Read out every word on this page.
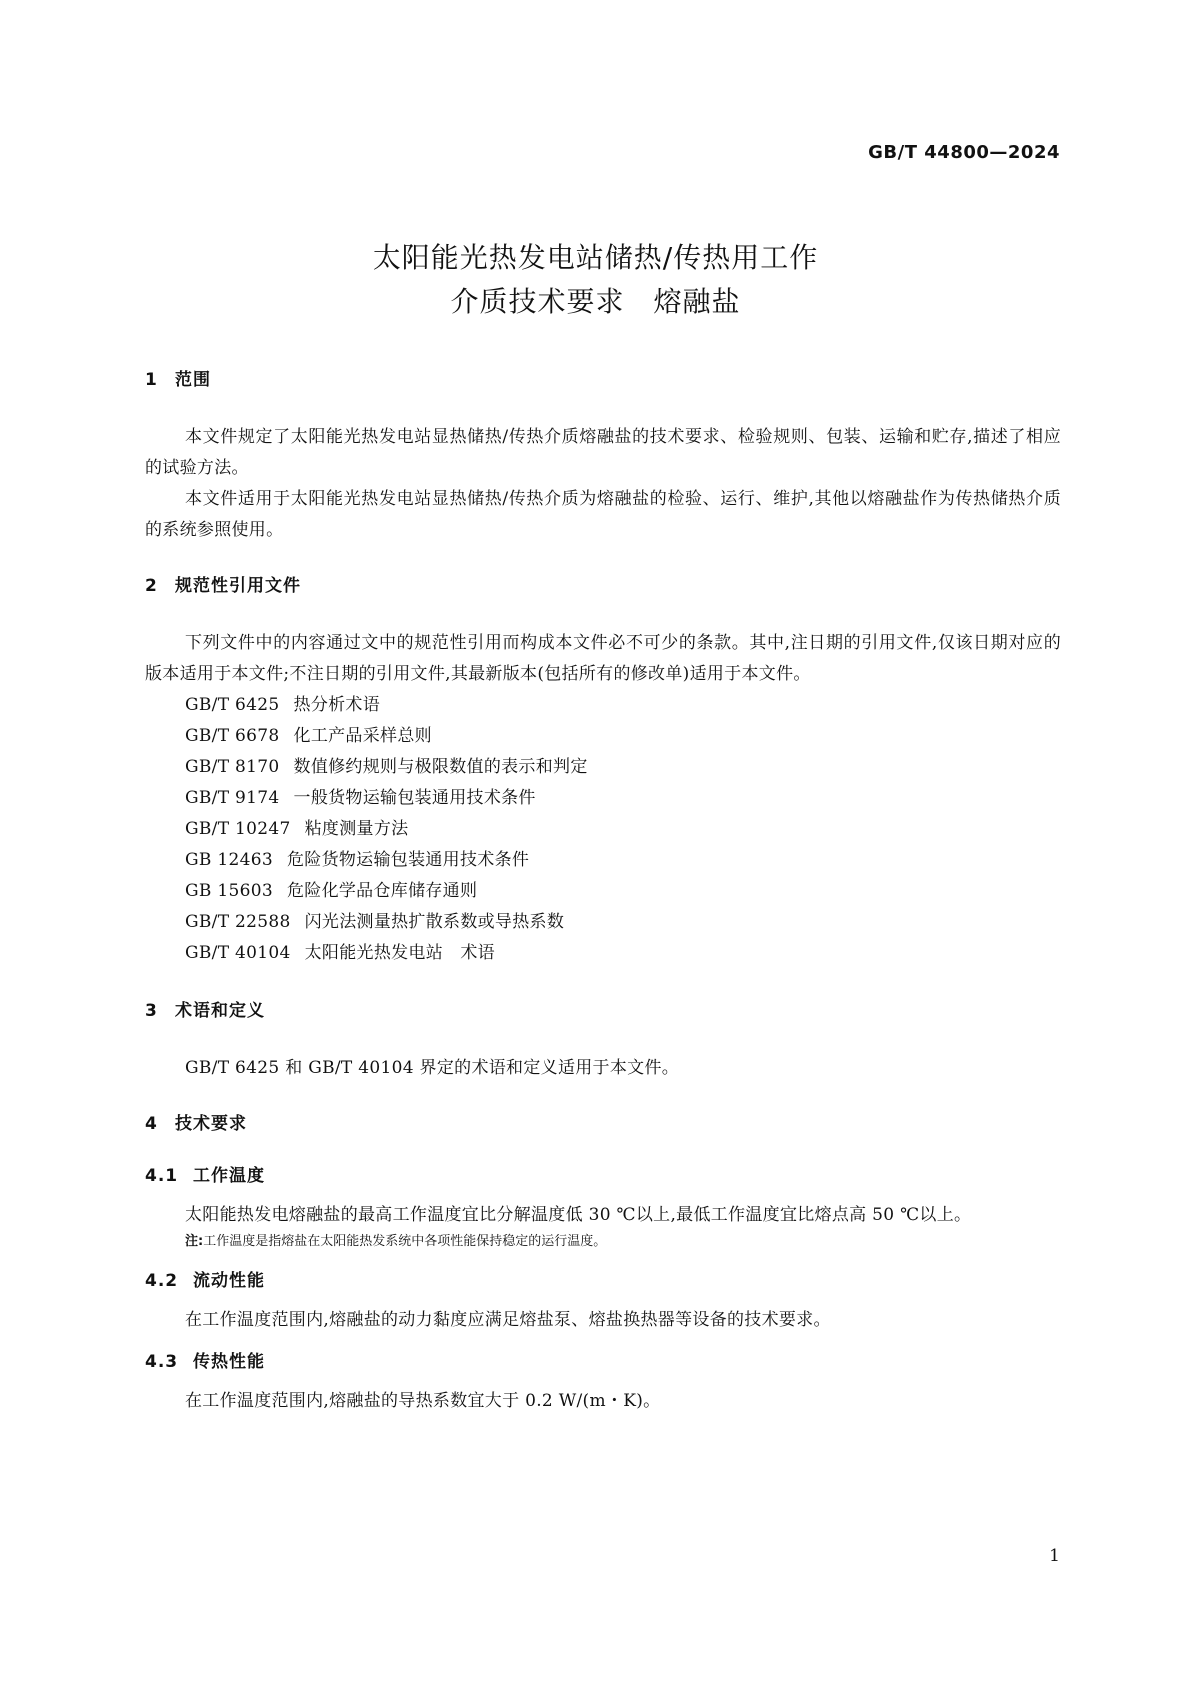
GB/T 44800—2024
太阳能光热发电站储热/传热用工作
介质技术要求　熔融盐
1 范围
本文件规定了太阳能光热发电站显热储热/传热介质熔融盐的技术要求、检验规则、包装、运输和贮存,描述了相应的试验方法。
本文件适用于太阳能光热发电站显热储热/传热介质为熔融盐的检验、运行、维护,其他以熔融盐作为传热储热介质的系统参照使用。
2 规范性引用文件
下列文件中的内容通过文中的规范性引用而构成本文件必不可少的条款。其中,注日期的引用文件,仅该日期对应的版本适用于本文件;不注日期的引用文件,其最新版本(包括所有的修改单)适用于本文件。
GB/T 6425 热分析术语
GB/T 6678 化工产品采样总则
GB/T 8170 数值修约规则与极限数值的表示和判定
GB/T 9174 一般货物运输包装通用技术条件
GB/T 10247 粘度测量方法
GB 12463 危险货物运输包装通用技术条件
GB 15603 危险化学品仓库储存通则
GB/T 22588 闪光法测量热扩散系数或导热系数
GB/T 40104 太阳能光热发电站　术语
3 术语和定义
GB/T 6425 和 GB/T 40104 界定的术语和定义适用于本文件。
4 技术要求
4.1 工作温度
太阳能热发电熔融盐的最高工作温度宜比分解温度低 30 ℃以上,最低工作温度宜比熔点高 50 ℃以上。
注:工作温度是指熔盐在太阳能热发系统中各项性能保持稳定的运行温度。
4.2 流动性能
在工作温度范围内,熔融盐的动力黏度应满足熔盐泵、熔盐换热器等设备的技术要求。
4.3 传热性能
在工作温度范围内,熔融盐的导热系数宜大于 0.2 W/(m・K)。
1
